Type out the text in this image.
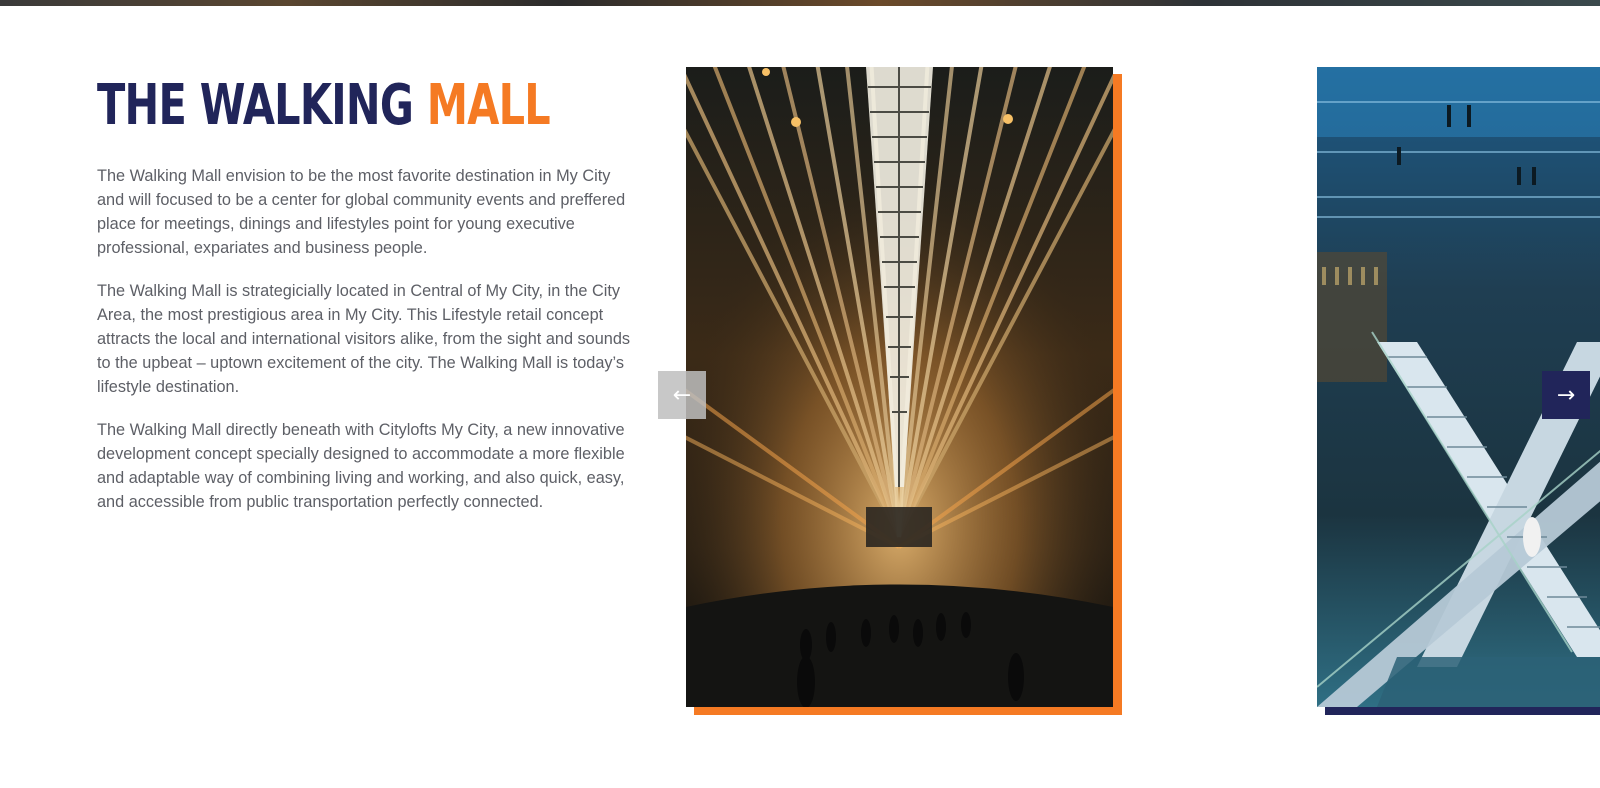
THE WALKING MALL

The Walking Mall envision to be the most favorite destination in My City and will focused to be a center for global community events and preffered place for meetings, dinings and lifestyles point for young executive professional, expariates and business people.

The Walking Mall is strategicially located in Central of My City, in the City Area, the most prestigious area in My City. This Lifestyle retail concept attracts the local and international visitors alike, from the sight and sounds to the upbeat – uptown excitement of the city. The Walking Mall is today’s lifestyle destination.

The Walking Mall directly beneath with Citylofts My City, a new innovative development concept specially designed to accommodate a more flexible and adaptable way of combining living and working, and also quick, easy, and accessible from public transportation perfectly connected.

←	→
